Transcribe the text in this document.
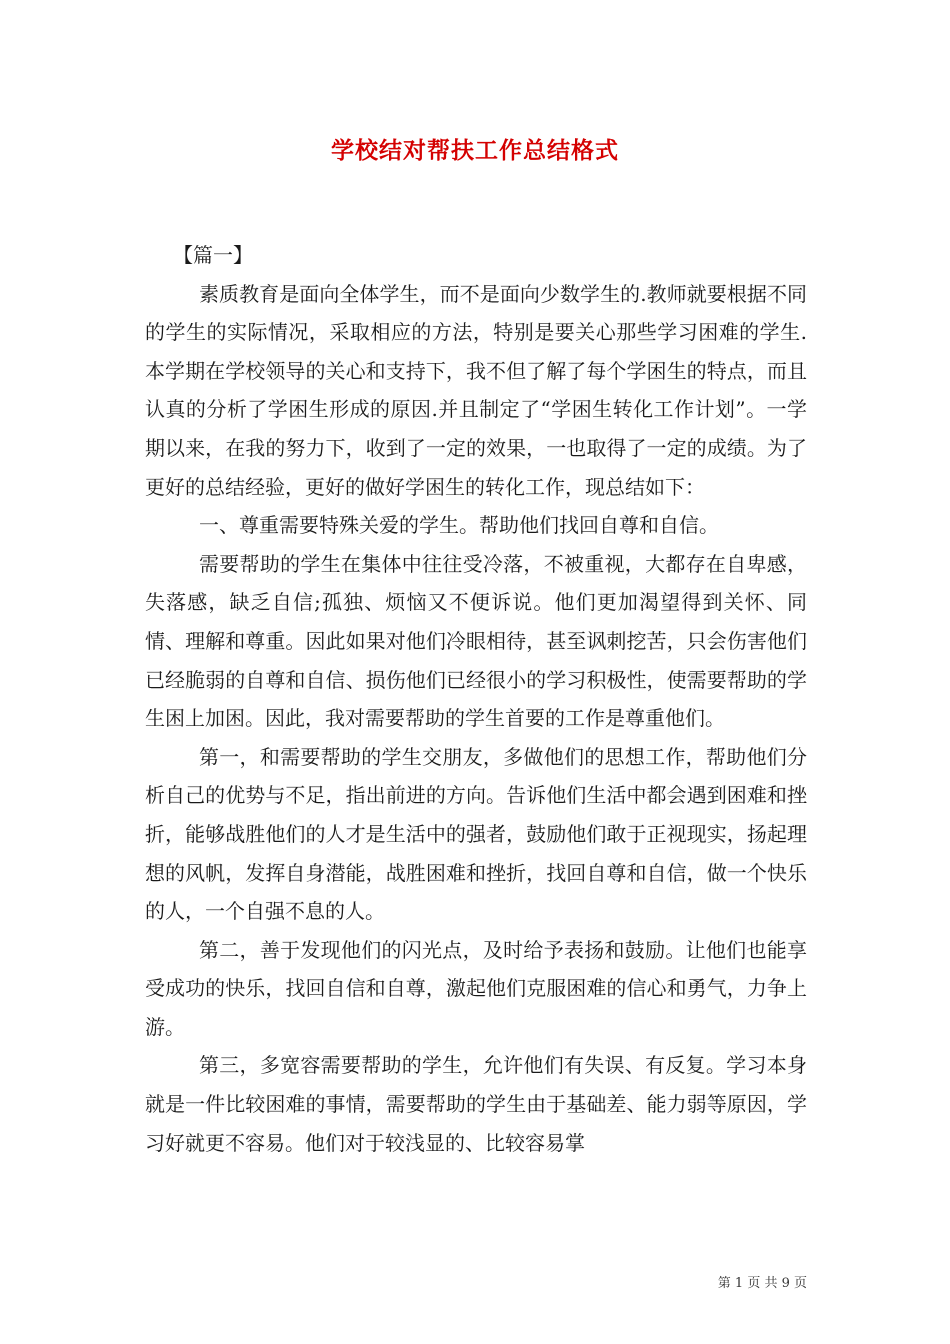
学校结对帮扶工作总结格式

【篇一】

素质教育是面向全体学生，而不是面向少数学生的.教师就要根据不同的学生的实际情况，采取相应的方法，特别是要关心那些学习困难的学生.本学期在学校领导的关心和支持下，我不但了解了每个学困生的特点，而且认真的分析了学困生形成的原因.并且制定了“学困生转化工作计划”。一学期以来，在我的努力下，收到了一定的效果，一也取得了一定的成绩。为了更好的总结经验，更好的做好学困生的转化工作，现总结如下：

一、尊重需要特殊关爱的学生。帮助他们找回自尊和自信。

需要帮助的学生在集体中往往受冷落，不被重视，大都存在自卑感，失落感，缺乏自信;孤独、烦恼又不便诉说。他们更加渴望得到关怀、同情、理解和尊重。因此如果对他们冷眼相待，甚至讽刺挖苦，只会伤害他们已经脆弱的自尊和自信、损伤他们已经很小的学习积极性，使需要帮助的学生困上加困。因此，我对需要帮助的学生首要的工作是尊重他们。

第一，和需要帮助的学生交朋友，多做他们的思想工作，帮助他们分析自己的优势与不足，指出前进的方向。告诉他们生活中都会遇到困难和挫折，能够战胜他们的人才是生活中的强者，鼓励他们敢于正视现实，扬起理想的风帆，发挥自身潜能，战胜困难和挫折，找回自尊和自信，做一个快乐的人，一个自强不息的人。

第二，善于发现他们的闪光点，及时给予表扬和鼓励。让他们也能享受成功的快乐，找回自信和自尊，激起他们克服困难的信心和勇气，力争上游。

第三，多宽容需要帮助的学生，允许他们有失误、有反复。学习本身就是一件比较困难的事情，需要帮助的学生由于基础差、能力弱等原因，学习好就更不容易。他们对于较浅显的、比较容易掌

第 1 页 共 9 页
